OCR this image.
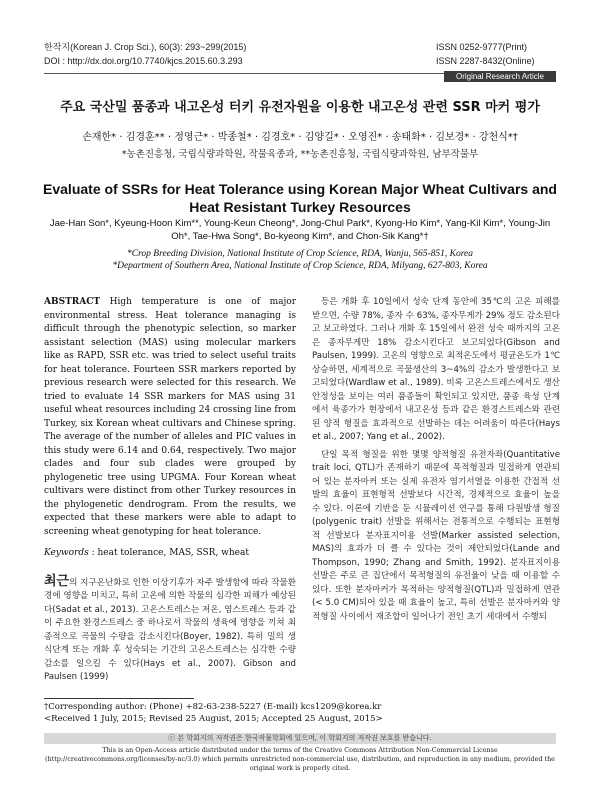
한작지(Korean J. Crop Sci.), 60(3): 293~299(2015)
DOI : http://dx.doi.org/10.7740/kjcs.2015.60.3.293
ISSN 0252-9777(Print)
ISSN 2287-8432(Online)
Original Research Article
주요 국산밀 품종과 내고온성 터키 유전자원을 이용한 내고온성 관련 SSR 마커 평가
손재한* · 김경훈** · 정영근* · 박종철* · 김경호* · 김양길* · 오영진* · 송태화* · 김보경* · 강천식*†
*농촌진흥청, 국립식량과학원, 작물육종과, **농촌진흥청, 국립식량과학원, 남부작물부
Evaluate of SSRs for Heat Tolerance using Korean Major Wheat Cultivars and Heat Resistant Turkey Resources
Jae-Han Son*, Kyeung-Hoon Kim**, Young-Keun Cheong*, Jong-Chul Park*, Kyong-Ho Kim*, Yang-Kil Kim*, Young-Jin Oh*, Tae-Hwa Song*, Bo-kyeong Kim*, and Chon-Sik Kang*†
*Crop Breeding Division, National Institute of Crop Science, RDA, Wanju, 565-851, Korea
*Department of Southern Area, National Institute of Crop Science, RDA, Milyang, 627-803, Korea
ABSTRACT High temperature is one of major environmental stress. Heat tolerance managing is difficult through the phenotypic selection, so marker assistant selection (MAS) using molecular markers like as RAPD, SSR etc. was tried to select useful traits for heat tolerance. Fourteen SSR markers reported by previous research were selected for this research. We tried to evaluate 14 SSR markers for MAS using 31 useful wheat resources including 24 crossing line from Turkey, six Korean wheat cultivars and Chinese spring. The average of the number of alleles and PIC values in this study were 6.14 and 0.64, respectively. Two major clades and four sub clades were grouped by phylogenetic tree using UPGMA. Four Korean wheat cultivars were distinct from other Turkey resources in the phylogenetic dendrogram. From the results, we expected that these markers were able to adapt to screening wheat genotyping for heat tolerance.
Keywords : heat tolerance, MAS, SSR, wheat
최근의 지구온난화로 인한 이상기후가 자주 발생함에 따라 작물환경에 영향을 미치고, 특히 고온에 의한 작물의 심각한 피해가 예상된다(Sadat et al., 2013). 고온스트레스는 저온, 염스트레스 등과 같이 주요한 환경스트레스 중 하나로서 작물의 생육에 영향을 끼쳐 최종적으로 곡물의 수량을 감소시킨다(Boyer, 1982). 특히 밀의 생식단계 또는 개화 후 성숙되는 기간의 고온스트레스는 심각한 수량 감소를 일으킬 수 있다(Hays et al., 2007). Gibson and Paulsen (1999)

등은 개화 후 10일에서 성숙 단계 동안에 35℃의 고온 피해를 받으면, 수량 78%, 종자 수 63%, 종자무게가 29% 정도 감소된다고 보고하였다. 그러나 개화 후 15일에서 완전 성숙 때까지의 고온은 종자무게만 18% 감소시킨다고 보고되었다(Gibson and Paulsen, 1999). 고온의 영향으로 최적온도에서 평균온도가 1℃ 상승하면, 세계적으로 곡물생산의 3~4%의 감소가 발생한다고 보고되었다(Wardlaw et al., 1989). 비록 고온스트레스에서도 생산안정성을 보이는 여러 품종들이 확인되고 있지만, 품종 육성 단계에서 육종가가 현장에서 내고온성 등과 같은 환경스트레스와 관련된 양적 형질을 효과적으로 선발하는 데는 어려움이 따른다(Hays et al., 2007; Yang et al., 2002).

단일 목적 형질을 위한 몇몇 양적형질 유전자좌(Quantitative trait loci, QTL)가 존재하기 때문에 목적형질과 밀접하게 연관되어 있는 분자마커 또는 실제 유전자 염기서열을 이용한 간접적 선발의 효율이 표현형적 선발보다 시간적, 경제적으로 효율이 높을 수 있다. 이론에 기반을 둔 시뮬레이션 연구를 통해 다원발생 형질(polygenic trait) 선발을 위해서는 전통적으로 수행되는 표현형적 선발보다 분자표지이용 선발(Marker assisted selection, MAS)의 효과가 더 클 수 있다는 것이 제안되었다(Lande and Thompson, 1990; Zhang and Smith, 1992). 분자표지이용 선발은 주로 큰 집단에서 목적형질의 유전율이 낮을 때 이용할 수 있다. 또한 분자마커가 목적하는 양적형질(QTL)과 밀접하게 연관(< 5.0 CM)되어 있을 때 효율이 높고, 특히 선발은 분자마커와 양적형질 사이에서 재조합이 일어나기 전인 초기 세대에서 수행되

†Corresponding author: (Phone) +82-63-238-5227 (E-mail) kcs1209@korea.kr
<Received 1 July, 2015; Revised 25 August, 2015; Accepted 25 August, 2015>
ⓒ 본 학회지의 저작권은 한국작물학회에 있으며, 이 학회지의 저작권 보호를 받습니다.
This is an Open-Access article distributed under the terms of the Creative Commons Attribution Non-Commercial License (http://creativecommons.org/licenses/by-nc/3.0) which permits unrestricted non-commercial use, distribution, and reproduction in any medium, provided the original work is properly cited.
